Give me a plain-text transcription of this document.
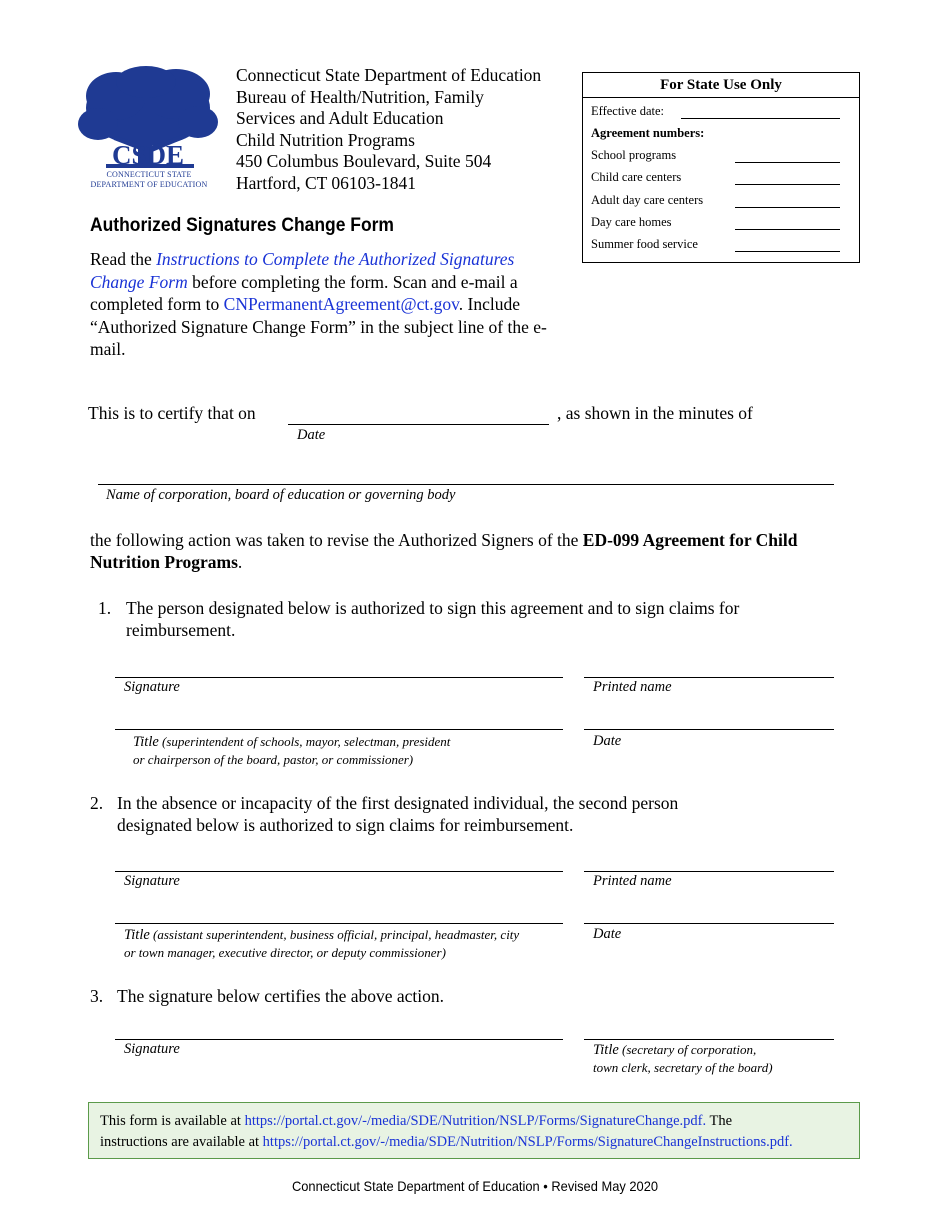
CSDE
CONNECTICUT STATE
DEPARTMENT OF EDUCATION
Connecticut State Department of Education
Bureau of Health/Nutrition, Family
Services and Adult Education
Child Nutrition Programs
450 Columbus Boulevard, Suite 504
Hartford, CT 06103-1841
For State Use Only
Effective date:
Agreement numbers:
School programs
Child care centers
Adult day care centers
Day care homes
Summer food service
Authorized Signatures Change Form
Read the Instructions to Complete the Authorized Signatures Change Form before completing the form. Scan and e-mail a completed form to CNPermanentAgreement@ct.gov. Include “Authorized Signature Change Form” in the subject line of the e-mail.
This is to certify that on	, as shown in the minutes of
Date
Name of corporation, board of education or governing body
the following action was taken to revise the Authorized Signers of the ED-099 Agreement for Child Nutrition Programs.
1. The person designated below is authorized to sign this agreement and to sign claims for reimbursement.
Signature	Printed name
Title (superintendent of schools, mayor, selectman, president
or chairperson of the board, pastor, or commissioner)
Date
2. In the absence or incapacity of the first designated individual, the second person
designated below is authorized to sign claims for reimbursement.
Signature	Printed name
Title (assistant superintendent, business official, principal, headmaster, city
or town manager, executive director, or deputy commissioner)
Date
3. The signature below certifies the above action.
Signature	Title (secretary of corporation,
town clerk, secretary of the board)
This form is available at https://portal.ct.gov/-/media/SDE/Nutrition/NSLP/Forms/SignatureChange.pdf. The
instructions are available at https://portal.ct.gov/-/media/SDE/Nutrition/NSLP/Forms/SignatureChangeInstructions.pdf.
Connecticut State Department of Education • Revised May 2020
